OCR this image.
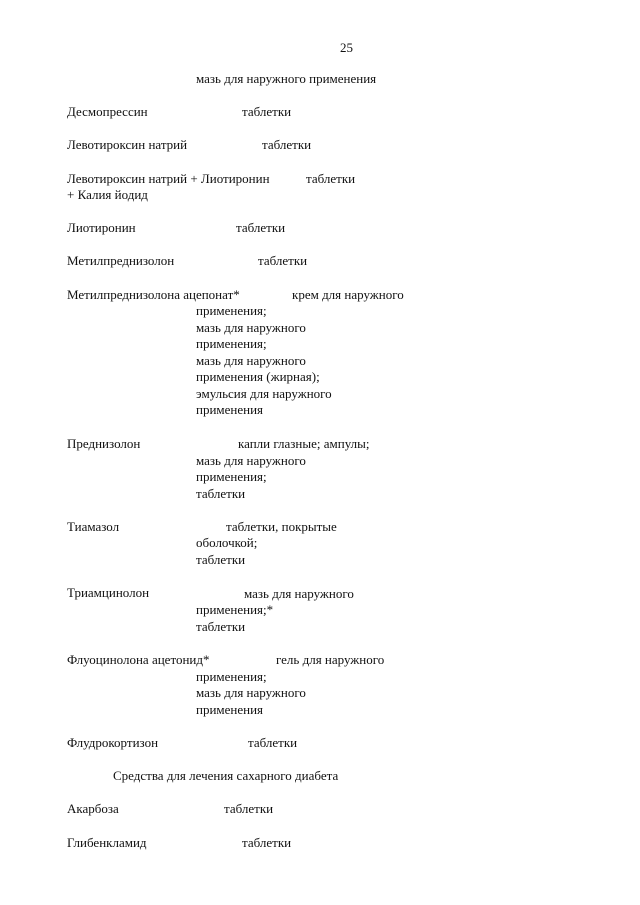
25
мазь для наружного применения
Десмопрессин	таблетки
Левотироксин натрий	таблетки
Левотироксин натрий + Лиотиронин	таблетки
+ Калия йодид
Лиотиронин	таблетки
Метилпреднизолон	таблетки
Метилпреднизолона ацепонат*	крем для наружного
применения;
мазь для наружного
применения;
мазь для наружного
применения (жирная);
эмульсия для наружного
применения
Преднизолон	капли глазные; ампулы;
мазь для наружного
применения;
таблетки
Тиамазол	таблетки, покрытые
оболочкой;
таблетки
Триамцинолон	мазь для наружного
применения;*
таблетки
Флуоцинолона ацетонид*	гель для наружного
применения;
мазь для наружного
применения
Флудрокортизон	таблетки
Средства для лечения сахарного диабета
Акарбоза	таблетки
Глибенкламид	таблетки
